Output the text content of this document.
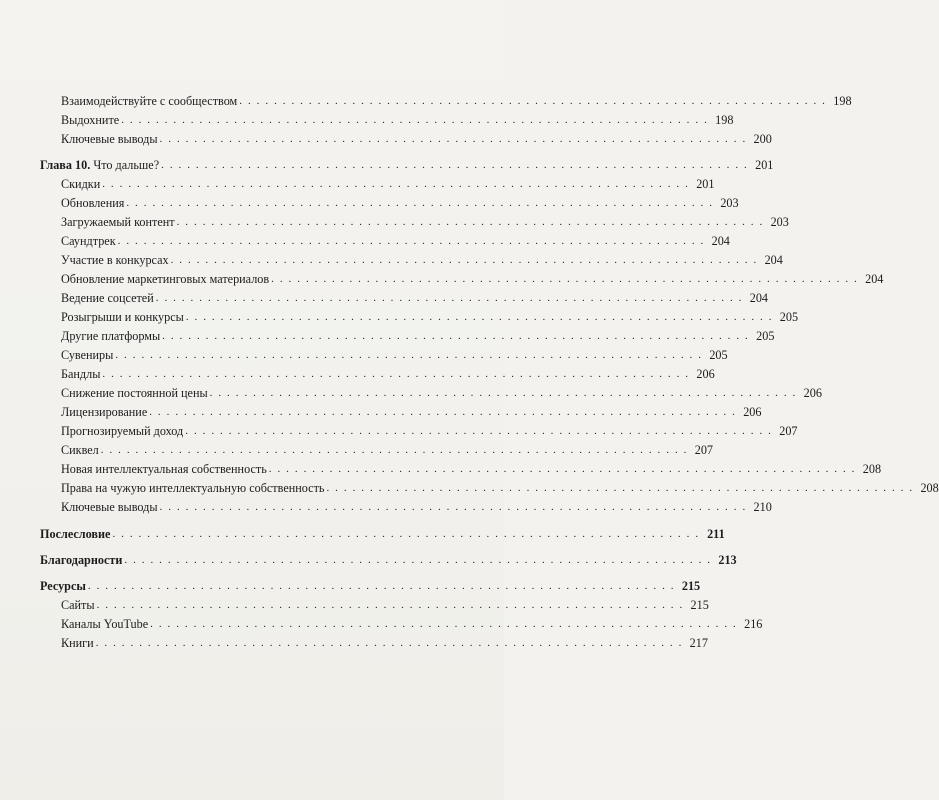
Взаимодействуйте с сообществом . . . . . . . . . . . . . . . . . . . . . . . . . . . . . . . . . . . . . . . . . . . . . . . . . . . . . . . . . . . . . . . . . . . . 198
Выдохните . . . . . . . . . . . . . . . . . . . . . . . . . . . . . . . . . . . . . . . . . . . . . . . . . . . . . . . . . . . . . . . . . . . . 198
Ключевые выводы . . . . . . . . . . . . . . . . . . . . . . . . . . . . . . . . . . . . . . . . . . . . . . . . . . . . . . . . . . . . . . . . . . . . 200
Глава 10. Что дальше? . . . . . . . . . . . . . . . . . . . . . . . . . . . . . . . . . . . . . . . . . . . . . . . . . . . . . . . . . . . . . . . . . . . . 201
Скидки . . . . . . . . . . . . . . . . . . . . . . . . . . . . . . . . . . . . . . . . . . . . . . . . . . . . . . . . . . . . . . . . . . . . 201
Обновления . . . . . . . . . . . . . . . . . . . . . . . . . . . . . . . . . . . . . . . . . . . . . . . . . . . . . . . . . . . . . . . . . . . . 203
Загружаемый контент . . . . . . . . . . . . . . . . . . . . . . . . . . . . . . . . . . . . . . . . . . . . . . . . . . . . . . . . . . . . . . . . . . . . 203
Саундтрек . . . . . . . . . . . . . . . . . . . . . . . . . . . . . . . . . . . . . . . . . . . . . . . . . . . . . . . . . . . . . . . . . . . . 204
Участие в конкурсах . . . . . . . . . . . . . . . . . . . . . . . . . . . . . . . . . . . . . . . . . . . . . . . . . . . . . . . . . . . . . . . . . . . . 204
Обновление маркетинговых материалов . . . . . . . . . . . . . . . . . . . . . . . . . . . . . . . . . . . . . . . . . . . . . . . . . . . . . . . . . . . . . . . . . . . . 204
Ведение соцсетей . . . . . . . . . . . . . . . . . . . . . . . . . . . . . . . . . . . . . . . . . . . . . . . . . . . . . . . . . . . . . . . . . . . . 204
Розыгрыши и конкурсы . . . . . . . . . . . . . . . . . . . . . . . . . . . . . . . . . . . . . . . . . . . . . . . . . . . . . . . . . . . . . . . . . . . . 205
Другие платформы . . . . . . . . . . . . . . . . . . . . . . . . . . . . . . . . . . . . . . . . . . . . . . . . . . . . . . . . . . . . . . . . . . . . 205
Сувениры . . . . . . . . . . . . . . . . . . . . . . . . . . . . . . . . . . . . . . . . . . . . . . . . . . . . . . . . . . . . . . . . . . . . 205
Бандлы . . . . . . . . . . . . . . . . . . . . . . . . . . . . . . . . . . . . . . . . . . . . . . . . . . . . . . . . . . . . . . . . . . . . 206
Снижение постоянной цены . . . . . . . . . . . . . . . . . . . . . . . . . . . . . . . . . . . . . . . . . . . . . . . . . . . . . . . . . . . . . . . . . . . . 206
Лицензирование . . . . . . . . . . . . . . . . . . . . . . . . . . . . . . . . . . . . . . . . . . . . . . . . . . . . . . . . . . . . . . . . . . . . 206
Прогнозируемый доход . . . . . . . . . . . . . . . . . . . . . . . . . . . . . . . . . . . . . . . . . . . . . . . . . . . . . . . . . . . . . . . . . . . . 207
Сиквел . . . . . . . . . . . . . . . . . . . . . . . . . . . . . . . . . . . . . . . . . . . . . . . . . . . . . . . . . . . . . . . . . . . . 207
Новая интеллектуальная собственность . . . . . . . . . . . . . . . . . . . . . . . . . . . . . . . . . . . . . . . . . . . . . . . . . . . . . . . . . . . . . . . . . . . . 208
Права на чужую интеллектуальную собственность . . . . . . . . . . . . . . . . . . . . . . . . . . . . . . . . . . . . . . . . . . . . . . . . . . . . . . . . . . . . . . . . . . . . 208
Ключевые выводы . . . . . . . . . . . . . . . . . . . . . . . . . . . . . . . . . . . . . . . . . . . . . . . . . . . . . . . . . . . . . . . . . . . . 210
Послесловие . . . . . . . . . . . . . . . . . . . . . . . . . . . . . . . . . . . . . . . . . . . . . . . . . . . . . . . . . . . . . . . . . . . . 211
Благодарности . . . . . . . . . . . . . . . . . . . . . . . . . . . . . . . . . . . . . . . . . . . . . . . . . . . . . . . . . . . . . . . . . . . . 213
Ресурсы . . . . . . . . . . . . . . . . . . . . . . . . . . . . . . . . . . . . . . . . . . . . . . . . . . . . . . . . . . . . . . . . . . . . 215
Сайты . . . . . . . . . . . . . . . . . . . . . . . . . . . . . . . . . . . . . . . . . . . . . . . . . . . . . . . . . . . . . . . . . . . . 215
Каналы YouTube . . . . . . . . . . . . . . . . . . . . . . . . . . . . . . . . . . . . . . . . . . . . . . . . . . . . . . . . . . . . . . . . . . . . 216
Книги . . . . . . . . . . . . . . . . . . . . . . . . . . . . . . . . . . . . . . . . . . . . . . . . . . . . . . . . . . . . . . . . . . . . 217
